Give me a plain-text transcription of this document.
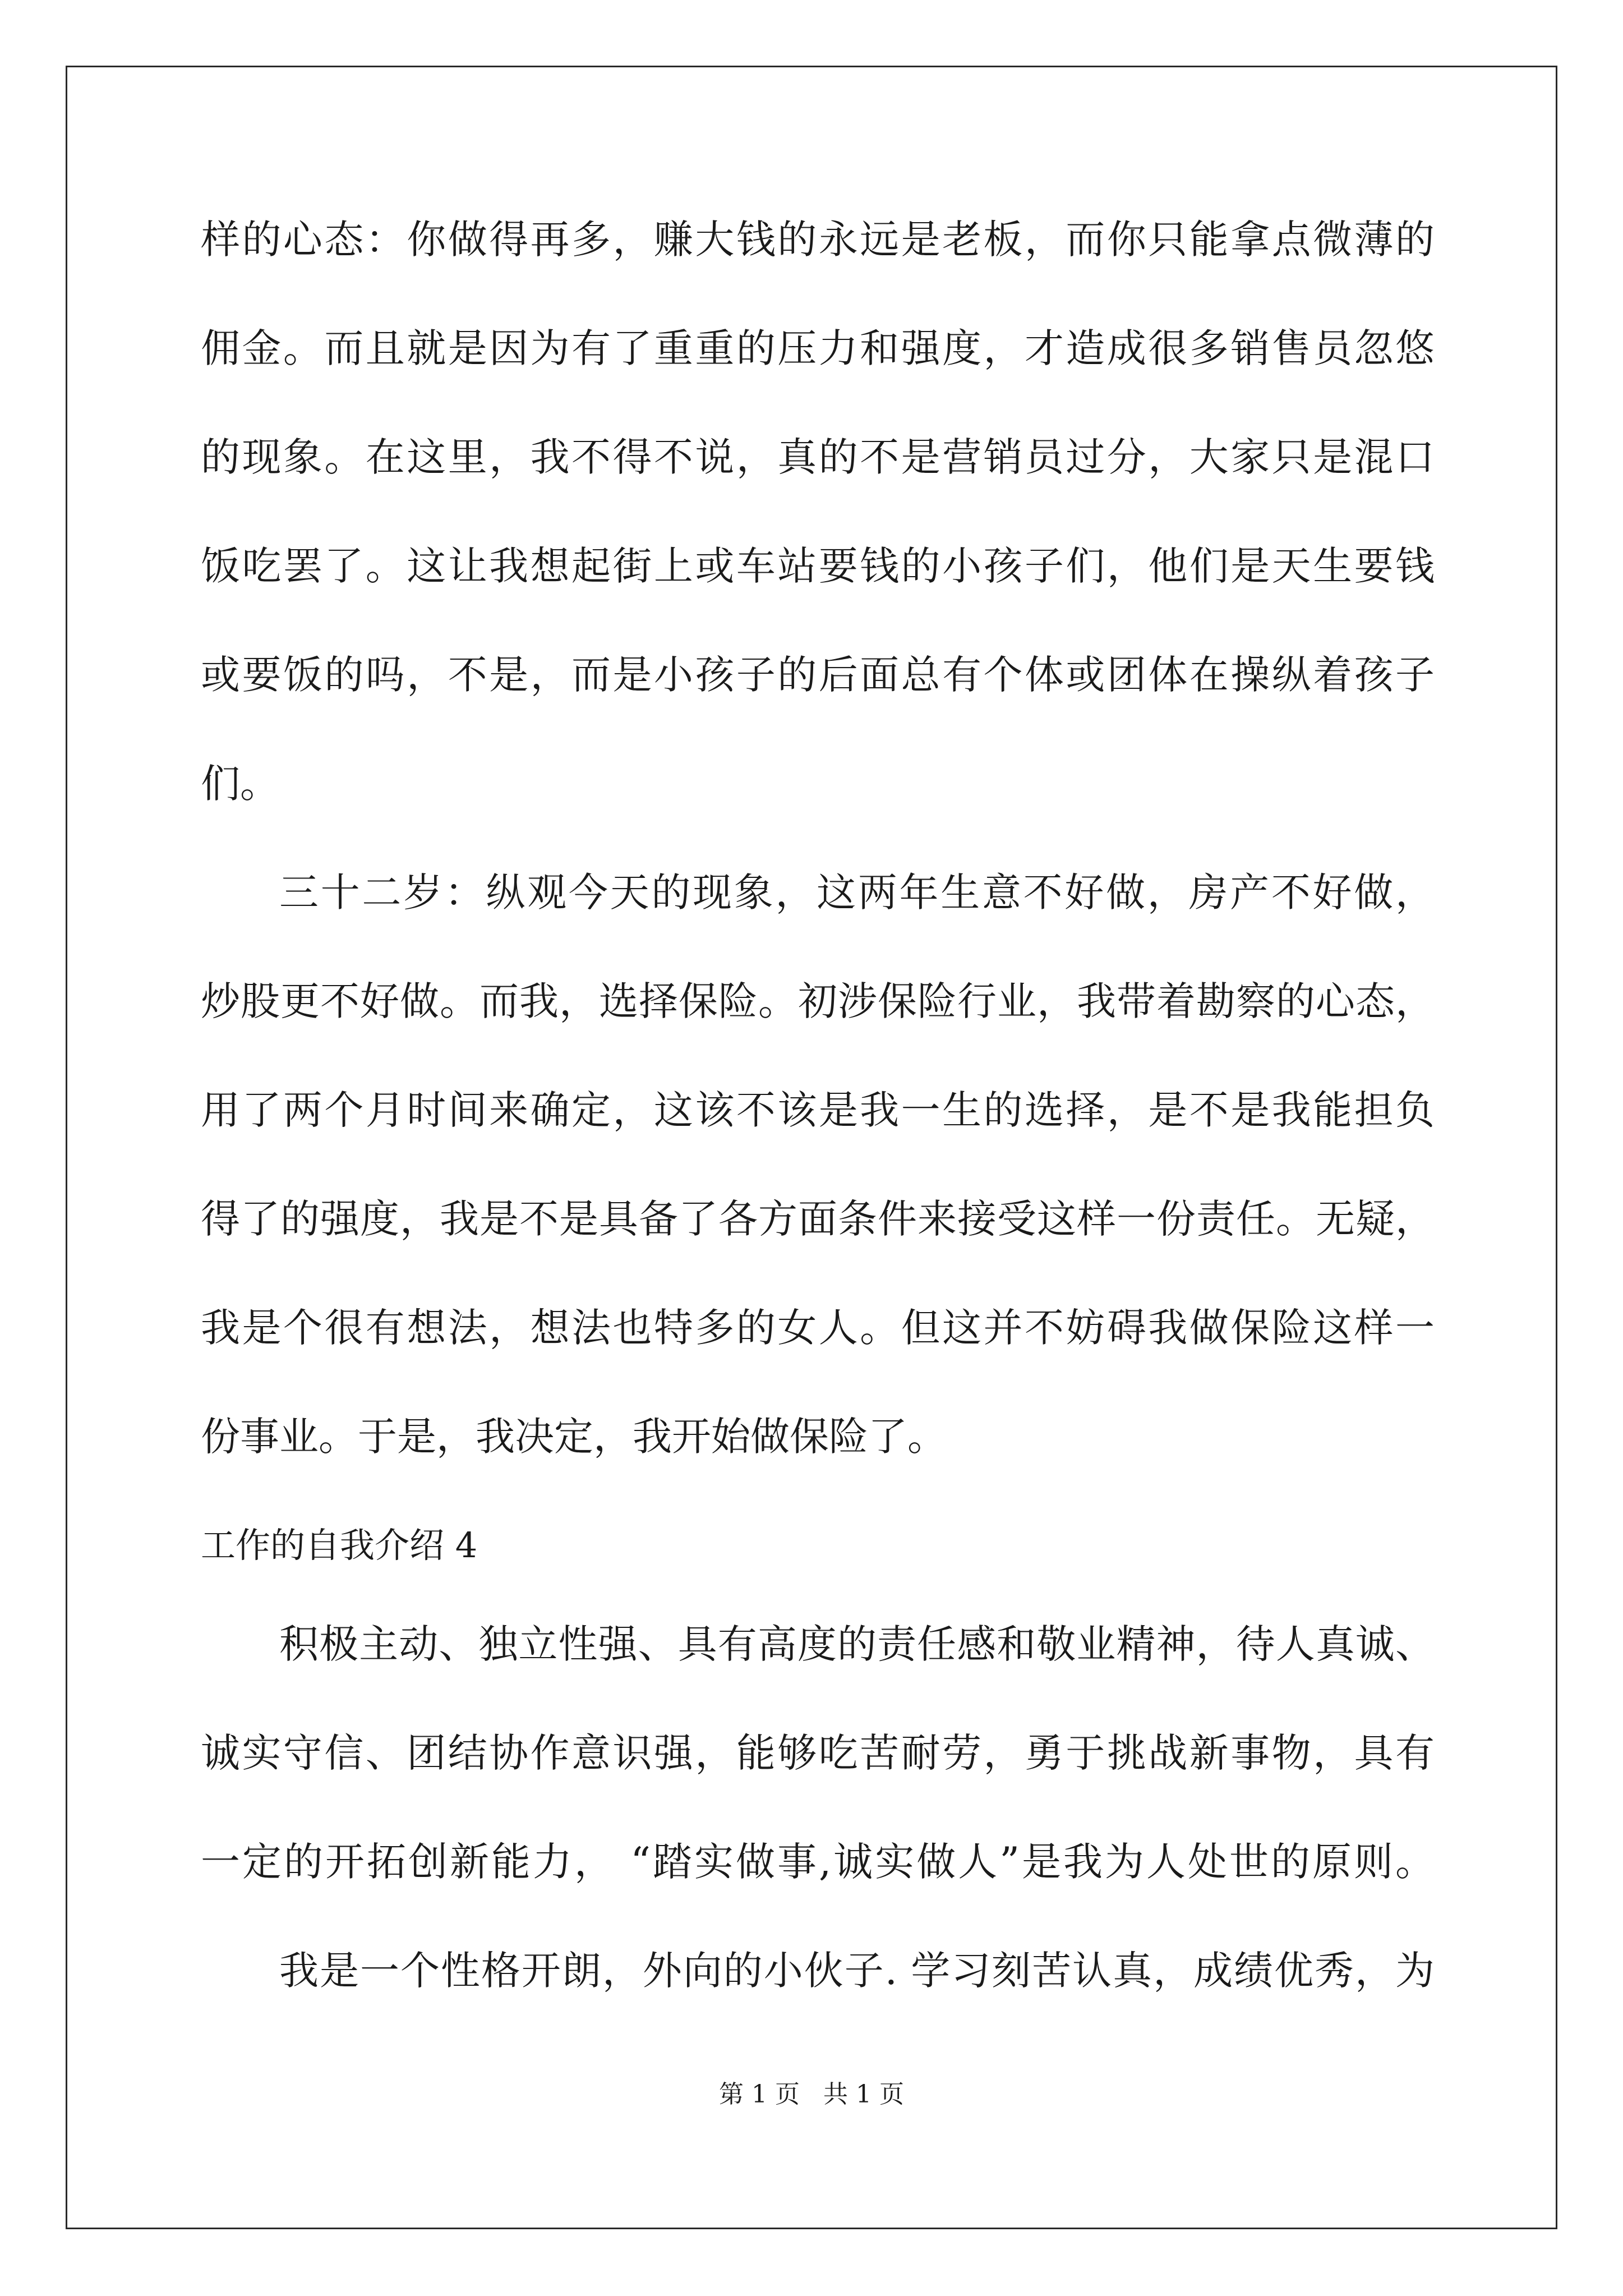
样的心态：你做得再多，赚大钱的永远是老板，而你只能拿点微薄的
佣金。而且就是因为有了重重的压力和强度，才造成很多销售员忽悠
的现象。在这里，我不得不说，真的不是营销员过分，大家只是混口
饭吃罢了。这让我想起街上或车站要钱的小孩子们，他们是天生要钱
或要饭的吗，不是，而是小孩子的后面总有个体或团体在操纵着孩子
们。
三十二岁：纵观今天的现象，这两年生意不好做，房产不好做，
炒股更不好做。而我，选择保险。初涉保险行业，我带着勘察的心态，
用了两个月时间来确定，这该不该是我一生的选择，是不是我能担负
得了的强度，我是不是具备了各方面条件来接受这样一份责任。无疑，
我是个很有想法，想法也特多的女人。但这并不妨碍我做保险这样一
份事业。于是，我决定，我开始做保险了。
工作的自我介绍 4
积极主动、独立性强、具有高度的责任感和敬业精神，待人真诚、
诚实守信、团结协作意识强，能够吃苦耐劳，勇于挑战新事物，具有
一定的开拓创新能力， “踏实做事,诚实做人”是我为人处世的原则。
我是一个性格开朗，外向的小伙子. 学习刻苦认真，成绩优秀，为
第 1 页   共 1 页
